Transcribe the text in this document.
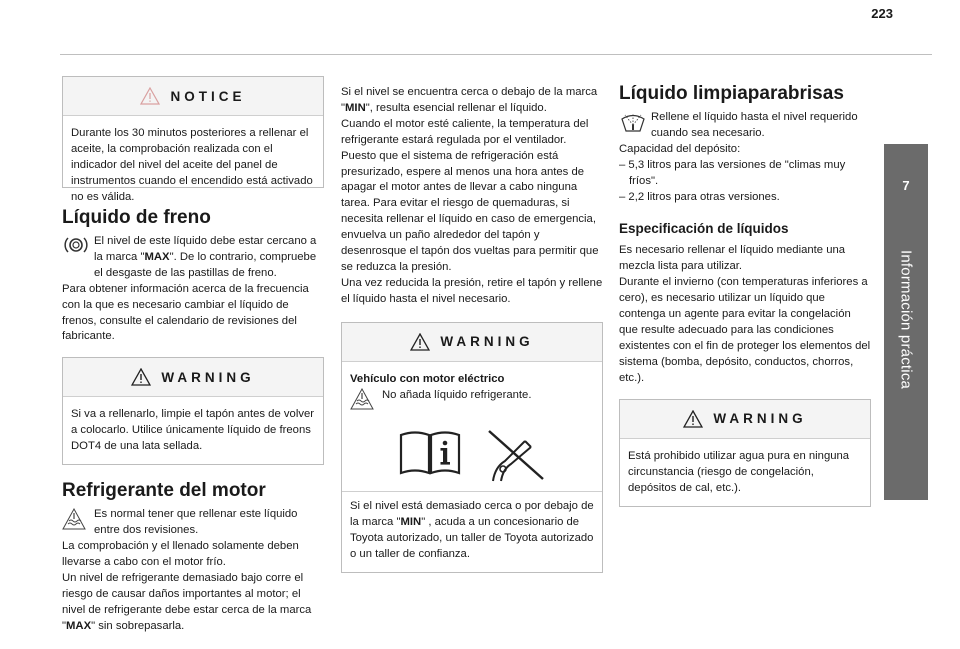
223
7
Información práctica
NOTICE
Durante los 30 minutos posteriores a rellenar el aceite, la comprobación realizada con el indicador del nivel del aceite del panel de instrumentos cuando el encendido está activado no es válida.
Líquido de freno

El nivel de este líquido debe estar cercano a la marca "MAX". De lo contrario, compruebe el desgaste de las pastillas de freno.

Para obtener información acerca de la frecuencia con la que es necesario cambiar el líquido de frenos, consulte el calendario de revisiones del fabricante.

WARNING
Si va a rellenarlo, limpie el tapón antes de volver a colocarlo. Utilice únicamente líquido de freons DOT4 de una lata sellada.
Refrigerante del motor

Es normal tener que rellenar este líquido entre dos revisiones.

La comprobación y el llenado solamente deben llevarse a cabo con el motor frío.

Un nivel de refrigerante demasiado bajo corre el riesgo de causar daños importantes al motor; el nivel de refrigerante debe estar cerca de la marca "MAX" sin sobrepasarla.

Si el nivel se encuentra cerca o debajo de la marca "MIN", resulta esencial rellenar el líquido.

Cuando el motor esté caliente, la temperatura del refrigerante estará regulada por el ventilador.

Puesto que el sistema de refrigeración está presurizado, espere al menos una hora antes de apagar el motor antes de llevar a cabo ninguna tarea. Para evitar el riesgo de quemaduras, si necesita rellenar el líquido en caso de emergencia, envuelva un paño alrededor del tapón y desenrosque el tapón dos vueltas para permitir que se reduzca la presión.

Una vez reducida la presión, retire el tapón y rellene el líquido hasta el nivel necesario.

WARNING
Vehículo con motor eléctrico
No añada líquido refrigerante.
Si el nivel está demasiado cerca o por debajo de la marca "MIN" , acuda a un concesionario de Toyota autorizado, un taller de Toyota autorizado o un taller de confianza.
Líquido limpiaparabrisas

Rellene el líquido hasta el nivel requerido cuando sea necesario.

Capacidad del depósito:

– 5,3 litros para las versiones de "climas muy fríos".

– 2,2 litros para otras versiones.

Especificación de líquidos

Es necesario rellenar el líquido mediante una mezcla lista para utilizar.

Durante el invierno (con temperaturas inferiores a cero), es necesario utilizar un líquido que contenga un agente para evitar la congelación que resulte adecuado para las condiciones existentes con el fin de proteger los elementos del sistema (bomba, depósito, conductos, chorros, etc.).

WARNING
Está prohibido utilizar agua pura en ninguna circunstancia (riesgo de congelación, depósitos de cal, etc.).
